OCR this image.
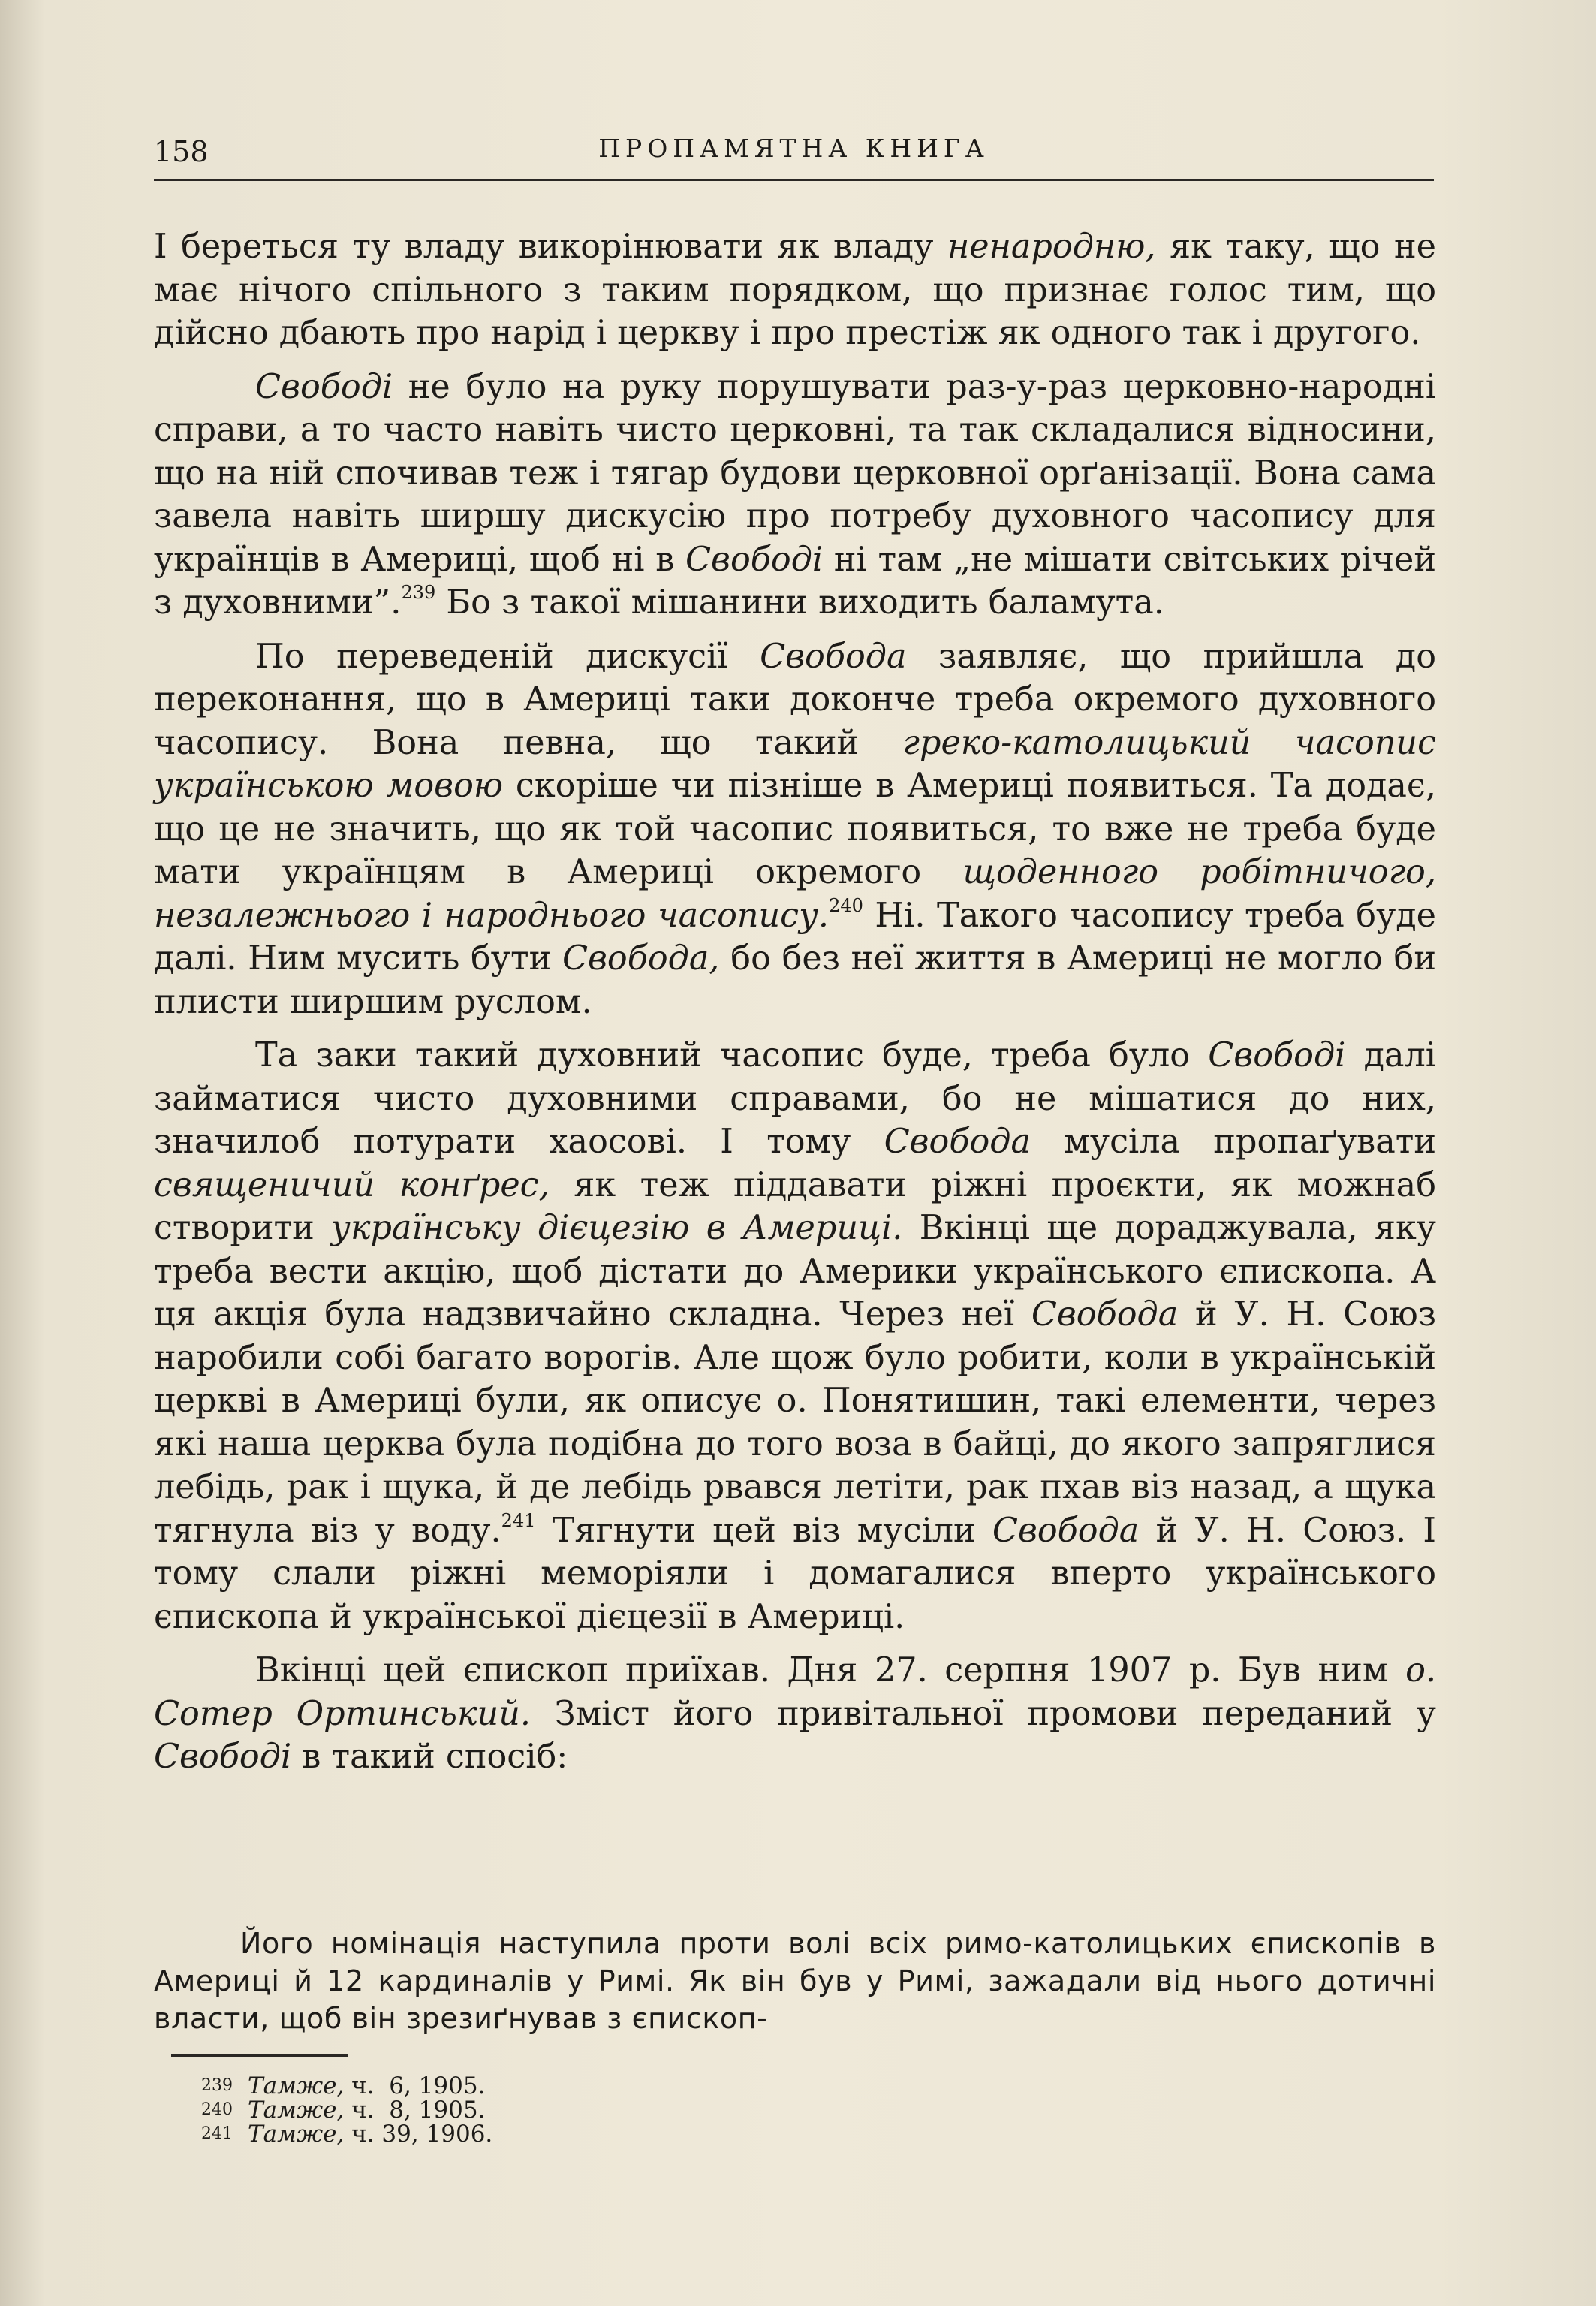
158	ПРОПАМЯТНА КНИГА

І береться ту владу викорінювати як владу ненародню, як таку, що не має нічого спільного з таким порядком, що признає голос тим, що дійсно дбають про нарід і церкву і про престіж як одного так і другого.

Свободі не було на руку порушувати раз-у-раз церковно-народні справи, а то часто навіть чисто церковні, та так складалися відносини, що на ній спочивав теж і тягар будови церковної орґанізації. Вона сама завела навіть ширшу дискусію про потребу духовного часопису для українців в Америці, щоб ні в Свободі ні там „не мішати світських річей з духовними”.$^{239}$ Бо з такої мішанини виходить баламута.

По переведеній дискусії Свобода заявляє, що прийшла до переконання, що в Америці таки доконче треба окремого духовного часопису. Вона певна, що такий греко-католицький часопис українською мовою скоріше чи пізніше в Америці появиться. Та додає, що це не значить, що як той часопис появиться, то вже не треба буде мати українцям в Америці окремого щоденного робітничого, незалежнього і народнього часопису.$^{240}$ Ні. Такого часопису треба буде далі. Ним мусить бути Свобода, бо без неї життя в Америці не могло би плисти ширшим руслом.

Та заки такий духовний часопис буде, треба було Свободі далі займатися чисто духовними справами, бо не мішатися до них, значилоб потурати хаосові. І тому Свобода мусіла пропаґувати священичий конґрес, як теж піддавати ріжні проєкти, як можнаб створити українську дієцезію в Америці. Вкінці ще дораджувала, яку треба вести акцію, щоб дістати до Америки українського єпископа. А ця акція була надзвичайно складна. Через неї Свобода й У. Н. Союз наробили собі багато ворогів. Але щож було робити, коли в українській церкві в Америці були, як описує о. Понятишин, такі елементи, через які наша церква була подібна до того воза в байці, до якого запряглися лебідь, рак і щука, й де лебідь рвався летіти, рак пхав віз назад, а щука тягнула віз у воду.$^{241}$ Тягнути цей віз мусіли Свобода й У. Н. Союз. І тому слали ріжні меморіяли і домагалися вперто українського єпископа й української дієцезії в Америці.

Вкінці цей єпископ приїхав. Дня 27. серпня 1907 р. Був ним о. Сотер Ортинський. Зміст його привітальної промови переданий у Свободі в такий спосіб:

Його номінація наступила проти волі всіх римо-католицьких єпископів в Америці й 12 кардиналів у Римі. Як він був у Римі, зажадали від нього дотичні власти, щоб він зрезиґнував з єпископ-
239 Тамже, ч.  6, 1905.
240 Тамже, ч.  8, 1905.
241 Тамже, ч. 39, 1906.
